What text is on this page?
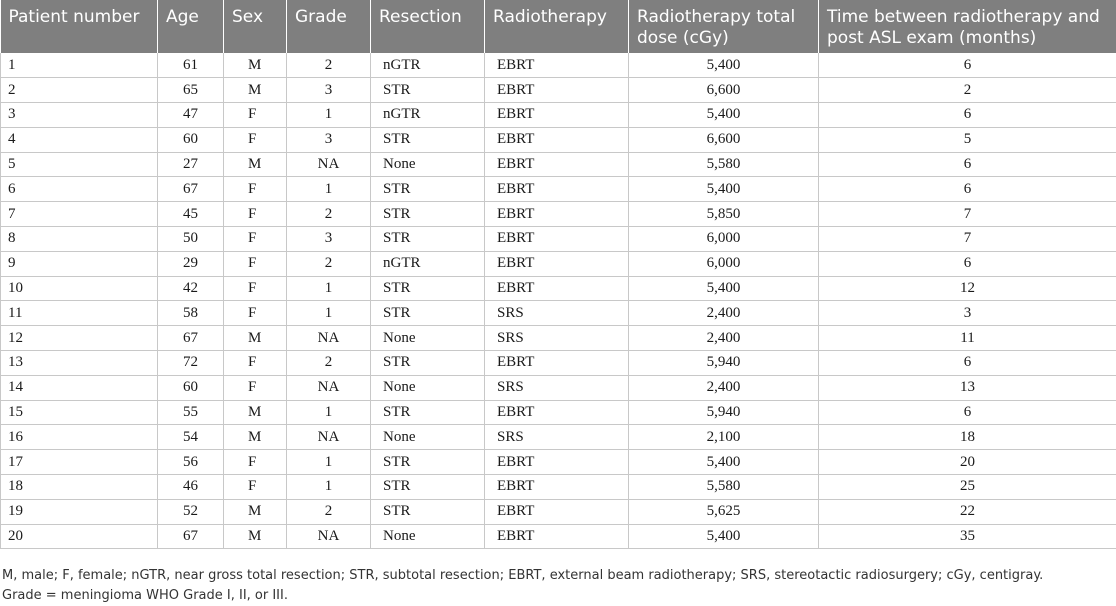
Patient number	Age	Sex	Grade	Resection	Radiotherapy	Radiotherapy total dose (cGy)	Time between radiotherapy and post ASL exam (months)
1	61	M	2	nGTR	EBRT	5,400	6
2	65	M	3	STR	EBRT	6,600	2
3	47	F	1	nGTR	EBRT	5,400	6
4	60	F	3	STR	EBRT	6,600	5
5	27	M	NA	None	EBRT	5,580	6
6	67	F	1	STR	EBRT	5,400	6
7	45	F	2	STR	EBRT	5,850	7
8	50	F	3	STR	EBRT	6,000	7
9	29	F	2	nGTR	EBRT	6,000	6
10	42	F	1	STR	EBRT	5,400	12
11	58	F	1	STR	SRS	2,400	3
12	67	M	NA	None	SRS	2,400	11
13	72	F	2	STR	EBRT	5,940	6
14	60	F	NA	None	SRS	2,400	13
15	55	M	1	STR	EBRT	5,940	6
16	54	M	NA	None	SRS	2,100	18
17	56	F	1	STR	EBRT	5,400	20
18	46	F	1	STR	EBRT	5,580	25
19	52	M	2	STR	EBRT	5,625	22
20	67	M	NA	None	EBRT	5,400	35
M, male; F, female; nGTR, near gross total resection; STR, subtotal resection; EBRT, external beam radiotherapy; SRS, stereotactic radiosurgery; cGy, centigray.
Grade = meningioma WHO Grade I, II, or III.
